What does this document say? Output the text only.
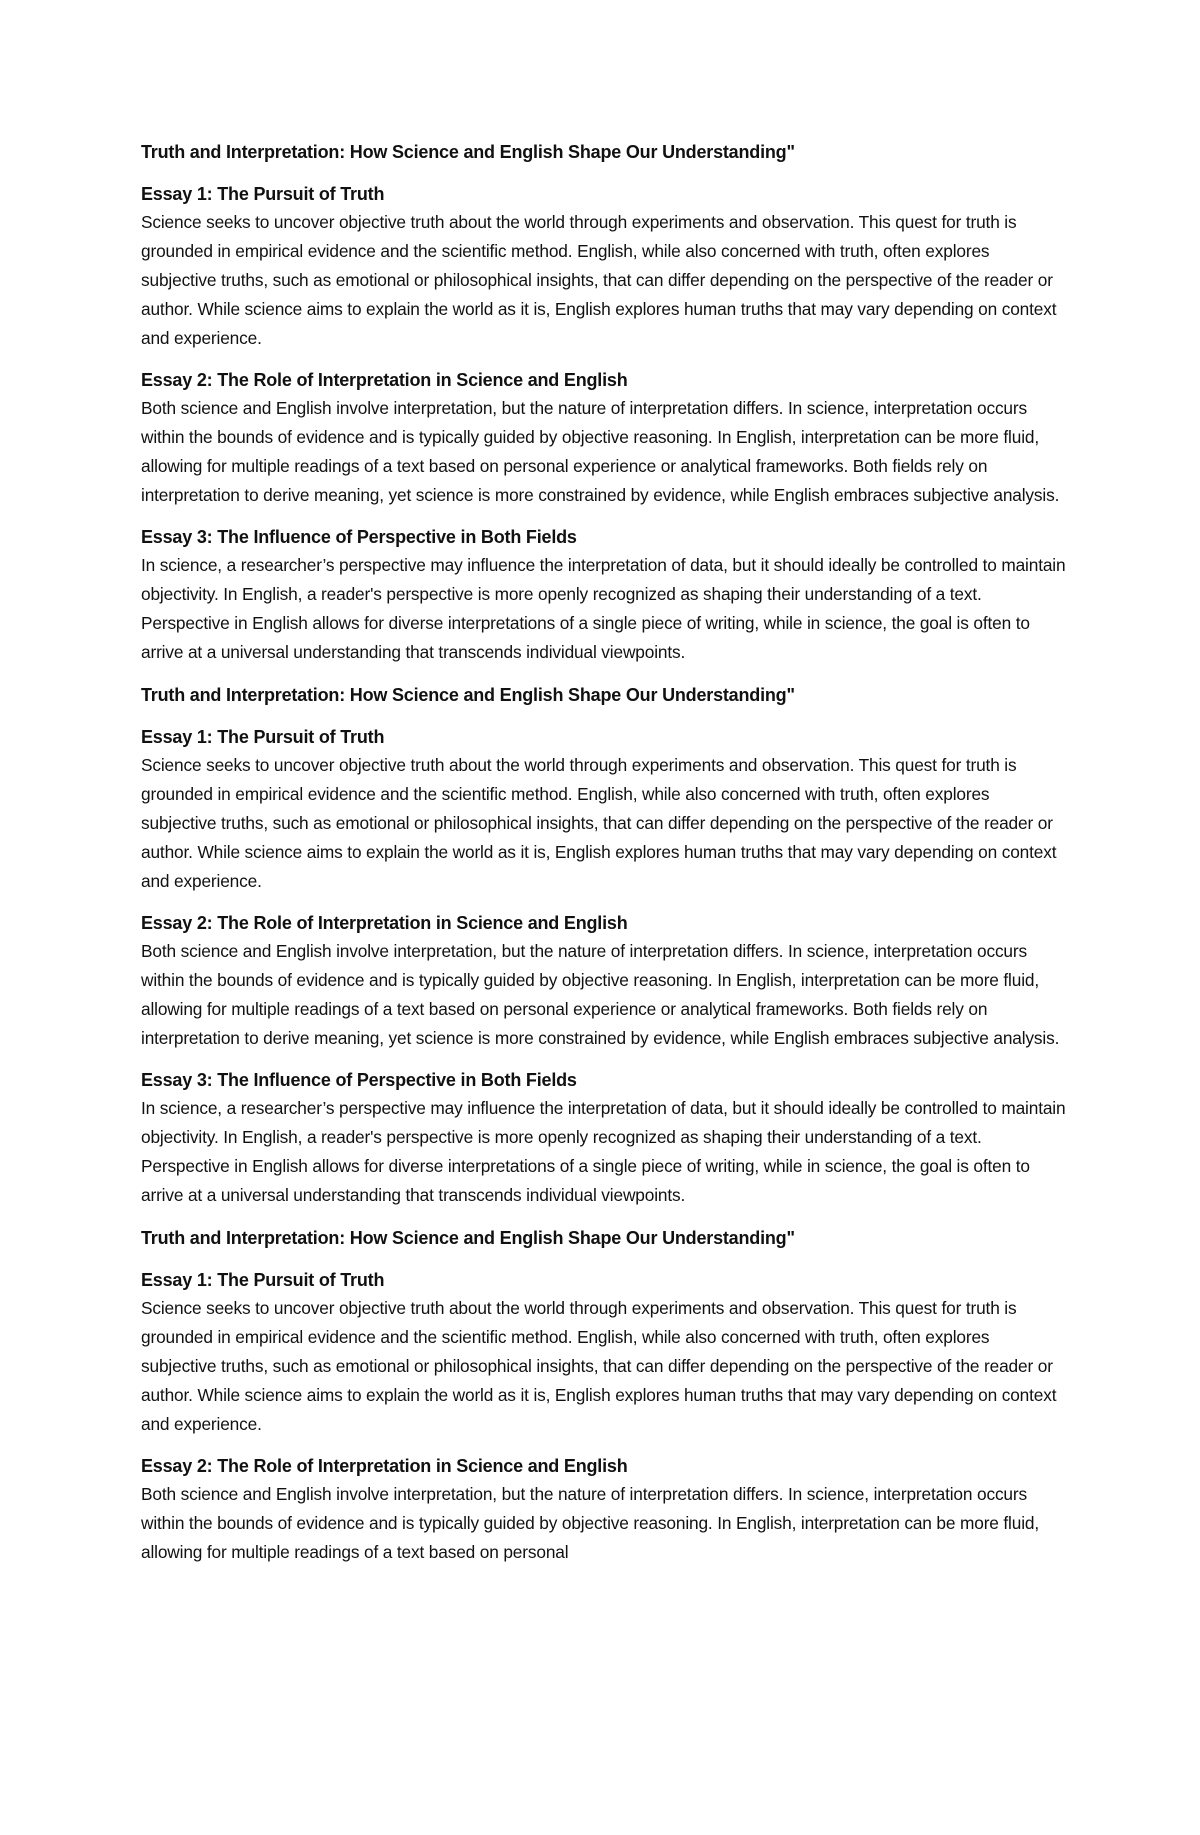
Truth and Interpretation: How Science and English Shape Our Understanding"

Essay 1: The Pursuit of Truth

Science seeks to uncover objective truth about the world through experiments and observation. This quest for truth is grounded in empirical evidence and the scientific method. English, while also concerned with truth, often explores subjective truths, such as emotional or philosophical insights, that can differ depending on the perspective of the reader or author. While science aims to explain the world as it is, English explores human truths that may vary depending on context and experience.

Essay 2: The Role of Interpretation in Science and English

Both science and English involve interpretation, but the nature of interpretation differs. In science, interpretation occurs within the bounds of evidence and is typically guided by objective reasoning. In English, interpretation can be more fluid, allowing for multiple readings of a text based on personal experience or analytical frameworks. Both fields rely on interpretation to derive meaning, yet science is more constrained by evidence, while English embraces subjective analysis.

Essay 3: The Influence of Perspective in Both Fields

In science, a researcher’s perspective may influence the interpretation of data, but it should ideally be controlled to maintain objectivity. In English, a reader's perspective is more openly recognized as shaping their understanding of a text. Perspective in English allows for diverse interpretations of a single piece of writing, while in science, the goal is often to arrive at a universal understanding that transcends individual viewpoints.

Truth and Interpretation: How Science and English Shape Our Understanding"

Essay 1: The Pursuit of Truth

Science seeks to uncover objective truth about the world through experiments and observation. This quest for truth is grounded in empirical evidence and the scientific method. English, while also concerned with truth, often explores subjective truths, such as emotional or philosophical insights, that can differ depending on the perspective of the reader or author. While science aims to explain the world as it is, English explores human truths that may vary depending on context and experience.

Essay 2: The Role of Interpretation in Science and English

Both science and English involve interpretation, but the nature of interpretation differs. In science, interpretation occurs within the bounds of evidence and is typically guided by objective reasoning. In English, interpretation can be more fluid, allowing for multiple readings of a text based on personal experience or analytical frameworks. Both fields rely on interpretation to derive meaning, yet science is more constrained by evidence, while English embraces subjective analysis.

Essay 3: The Influence of Perspective in Both Fields

In science, a researcher’s perspective may influence the interpretation of data, but it should ideally be controlled to maintain objectivity. In English, a reader's perspective is more openly recognized as shaping their understanding of a text. Perspective in English allows for diverse interpretations of a single piece of writing, while in science, the goal is often to arrive at a universal understanding that transcends individual viewpoints.

Truth and Interpretation: How Science and English Shape Our Understanding"

Essay 1: The Pursuit of Truth

Science seeks to uncover objective truth about the world through experiments and observation. This quest for truth is grounded in empirical evidence and the scientific method. English, while also concerned with truth, often explores subjective truths, such as emotional or philosophical insights, that can differ depending on the perspective of the reader or author. While science aims to explain the world as it is, English explores human truths that may vary depending on context and experience.

Essay 2: The Role of Interpretation in Science and English

Both science and English involve interpretation, but the nature of interpretation differs. In science, interpretation occurs within the bounds of evidence and is typically guided by objective reasoning. In English, interpretation can be more fluid, allowing for multiple readings of a text based on personal
